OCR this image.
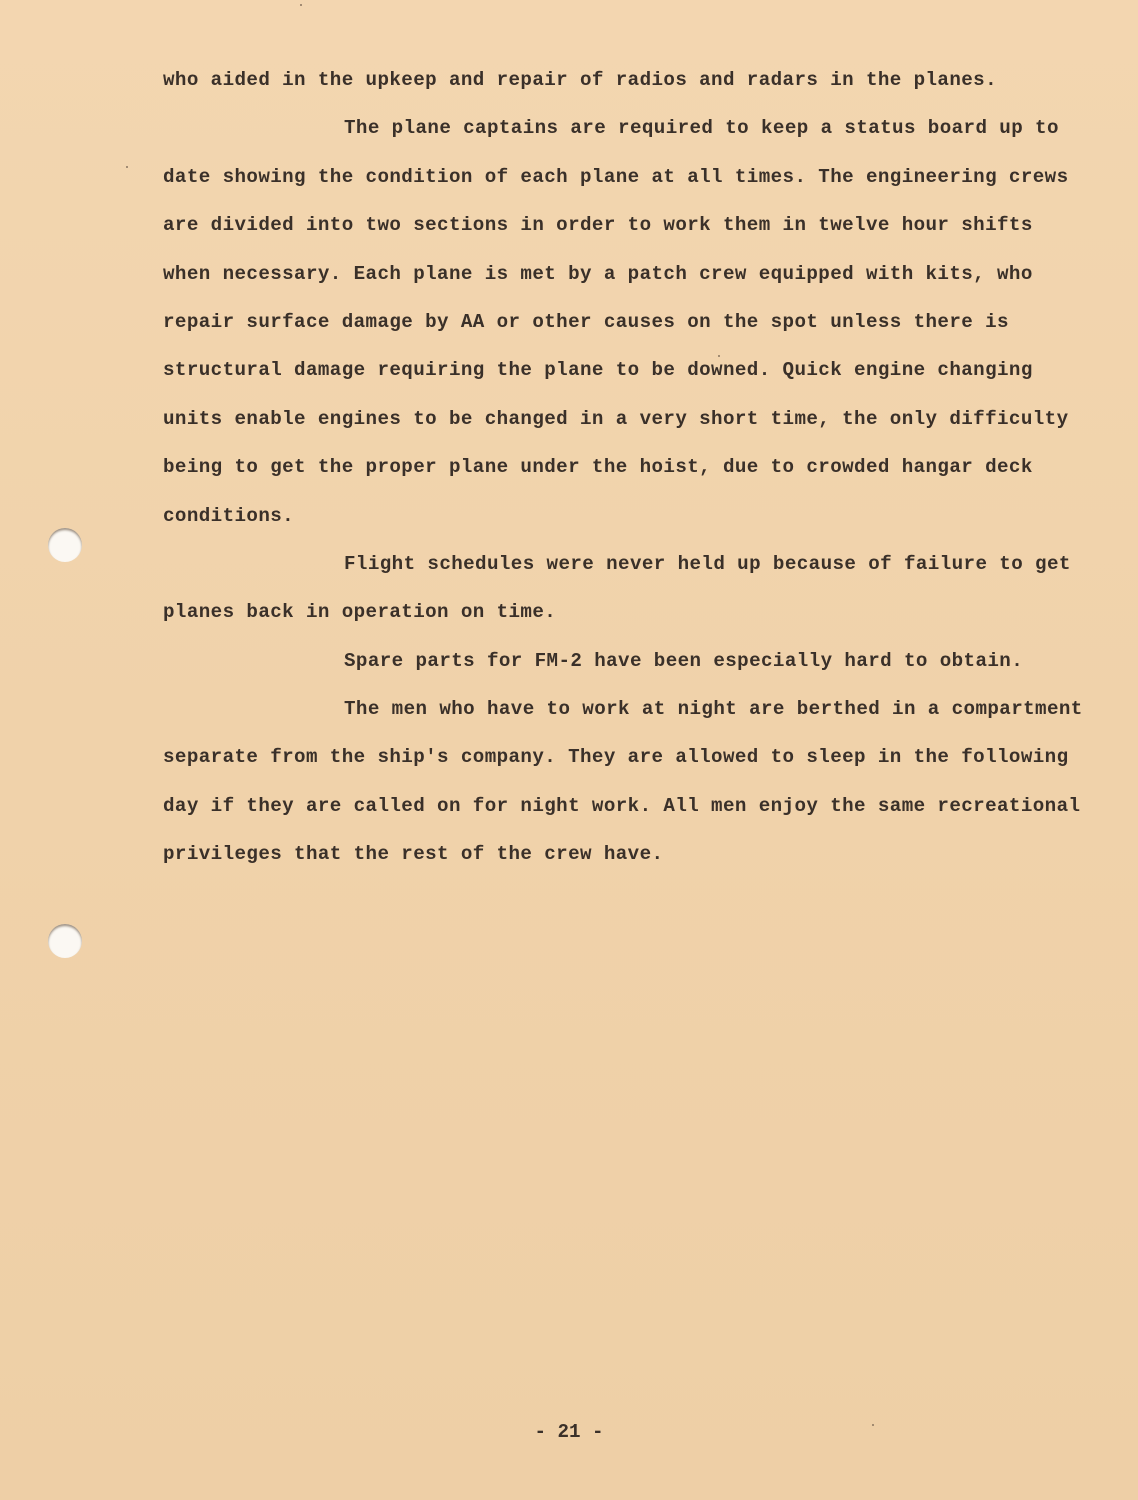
who aided in the upkeep and repair of radios and radars in the planes.
The plane captains are required to keep a status board up to
date showing the condition of each plane at all times. The engineering crews
are divided into two sections in order to work them in twelve hour shifts
when necessary. Each plane is met by a patch crew equipped with kits, who
repair surface damage by AA or other causes on the spot unless there is
structural damage requiring the plane to be downed. Quick engine changing
units enable engines to be changed in a very short time, the only difficulty
being to get the proper plane under the hoist, due to crowded hangar deck
conditions.
Flight schedules were never held up because of failure to get
planes back in operation on time.
Spare parts for FM-2 have been especially hard to obtain.
The men who have to work at night are berthed in a compartment
separate from the ship's company. They are allowed to sleep in the following
day if they are called on for night work. All men enjoy the same recreational
privileges that the rest of the crew have.
- 21 -
